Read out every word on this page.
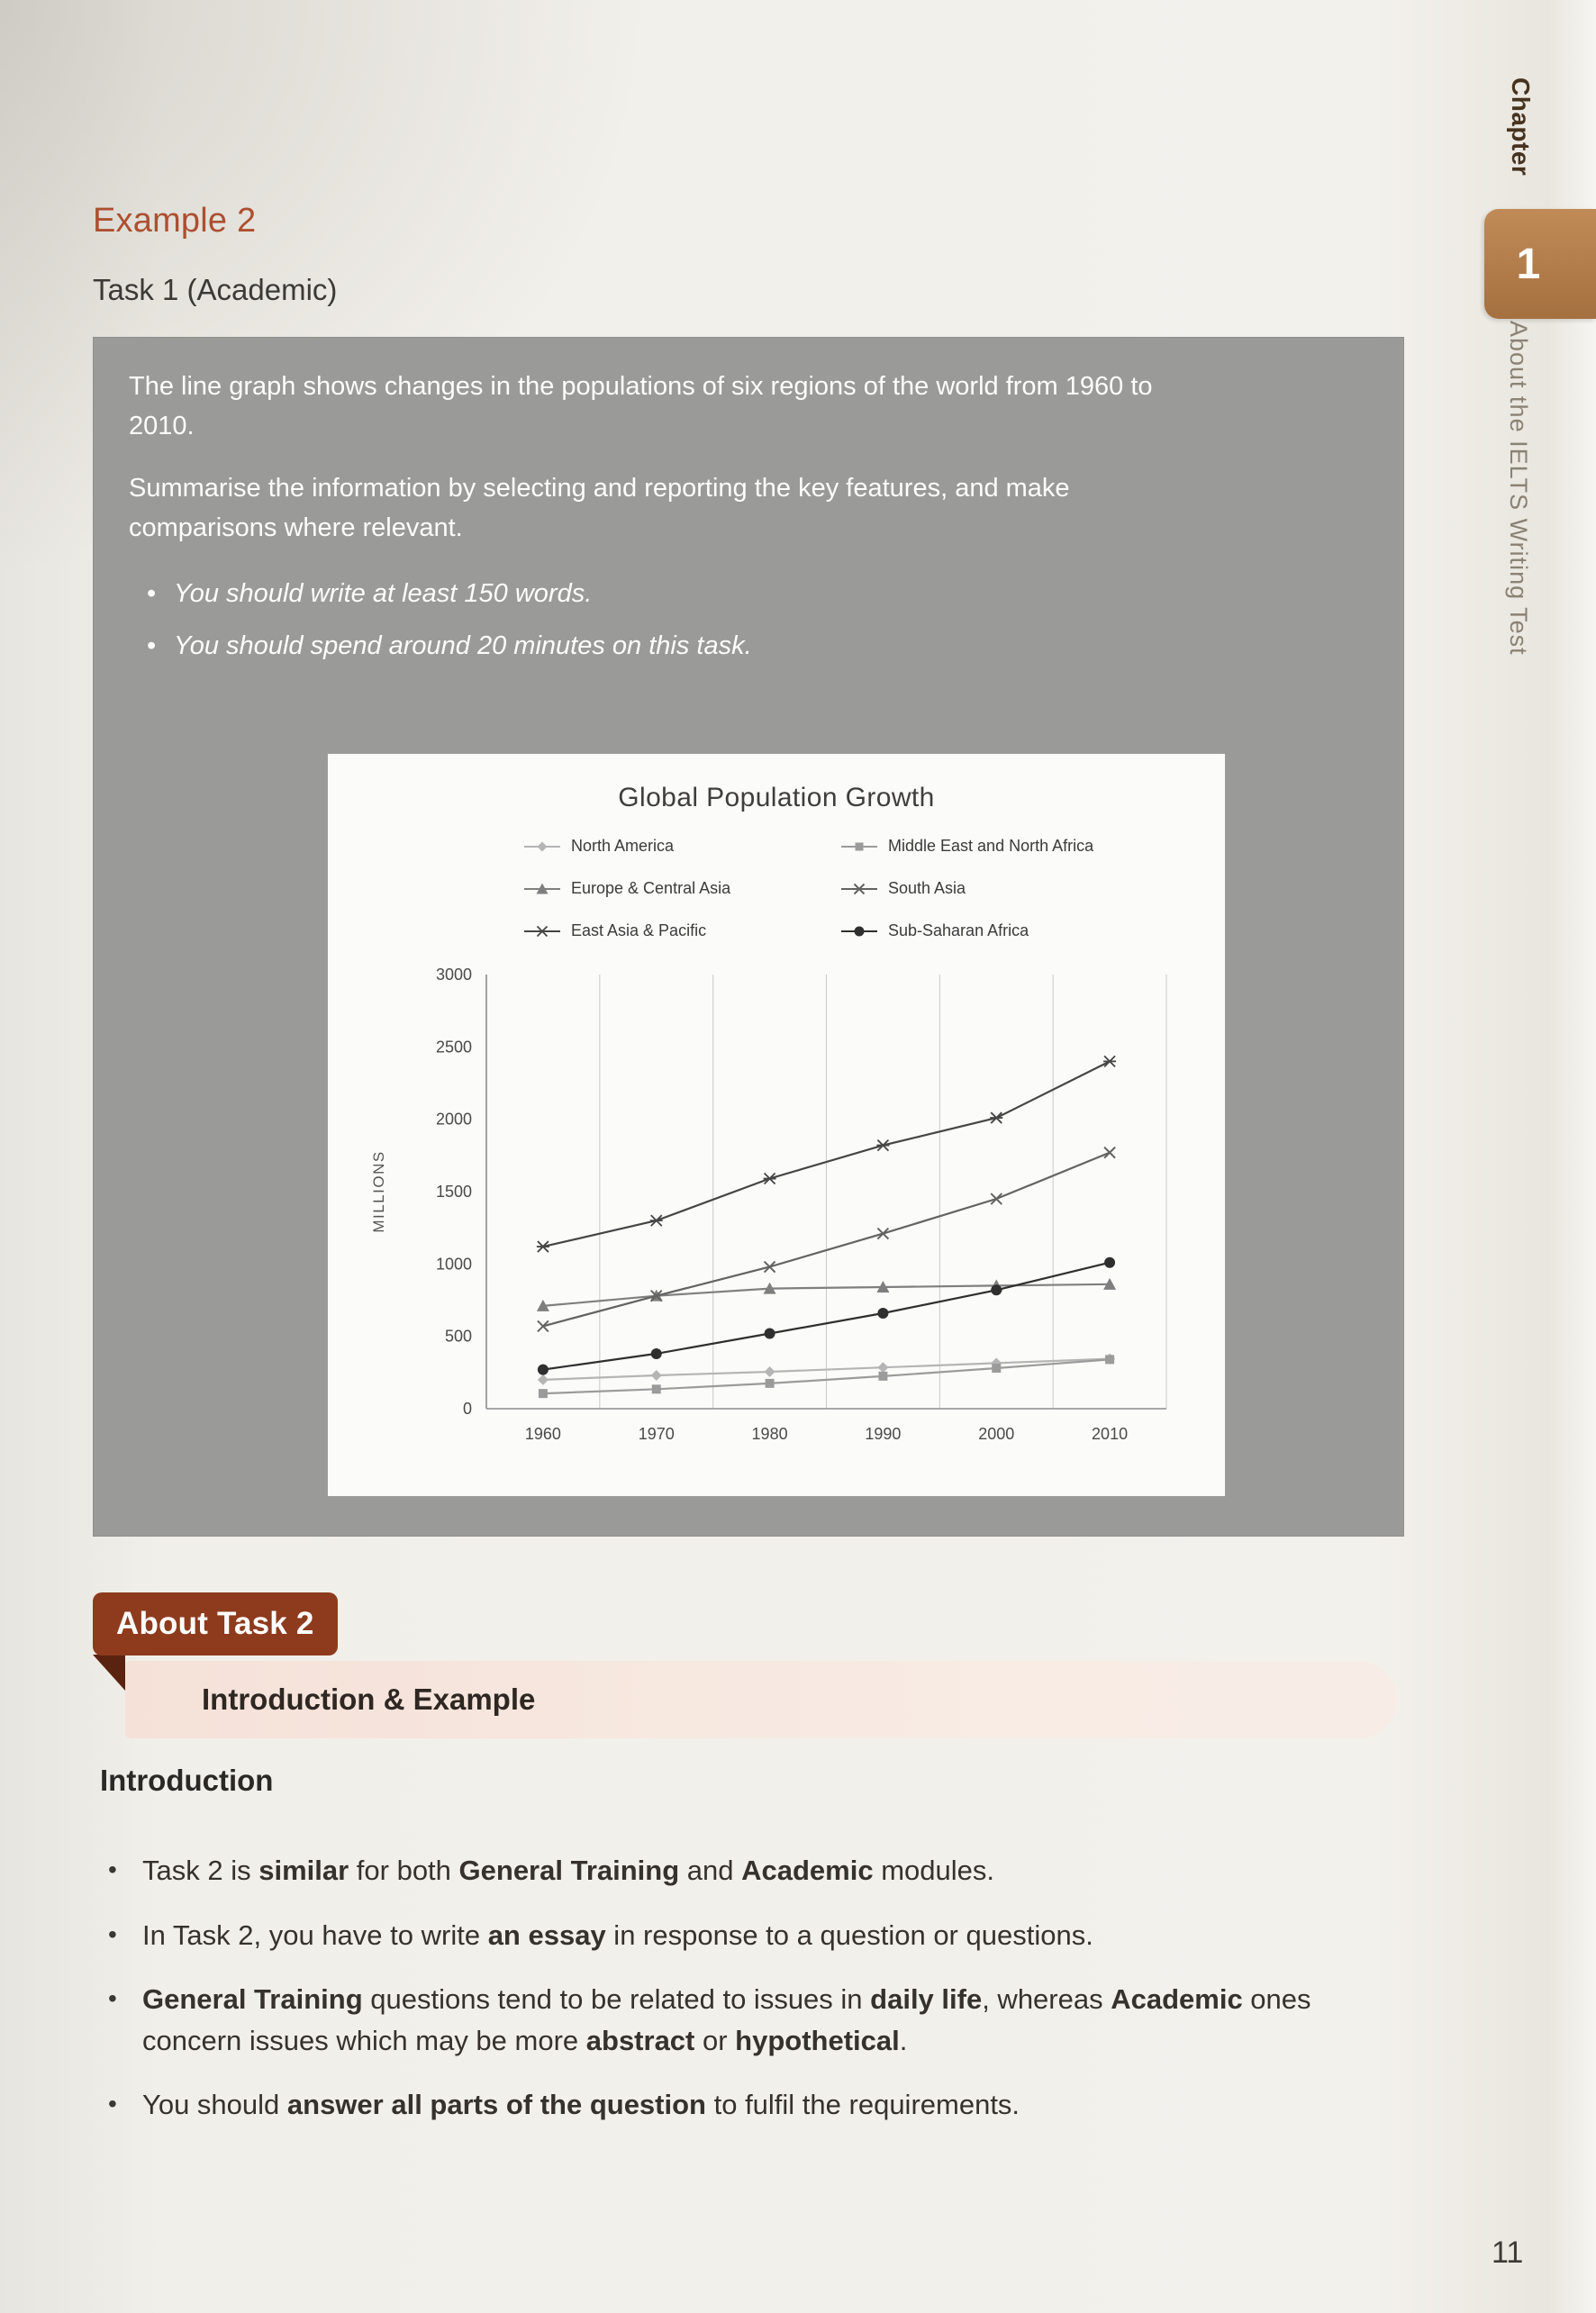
Example 2
Task 1 (Academic)

The line graph shows changes in the populations of six regions of the world from 1960 to 2010.

Summarise the information by selecting and reporting the key features, and make comparisons where relevant.

• You should write at least 150 words.
• You should spend around 20 minutes on this task.
Global Population Growth
North America	Middle East and North Africa
Europe & Central Asia	South Asia
East Asia & Pacific	Sub-Saharan Africa
0
500
1000
1500
2000
2500
3000
1960	1970	1980	1990	2000	2010
MILLIONS
Introduction & Example
About Task 2
Introduction
• Task 2 is similar for both General Training and Academic modules.
• In Task 2, you have to write an essay in response to a question or questions.
• General Training questions tend to be related to issues in daily life, whereas Academic ones concern issues which may be more abstract or hypothetical.
• You should answer all parts of the question to fulfil the requirements.
Chapter
1
About the IELTS Writing Test
11
